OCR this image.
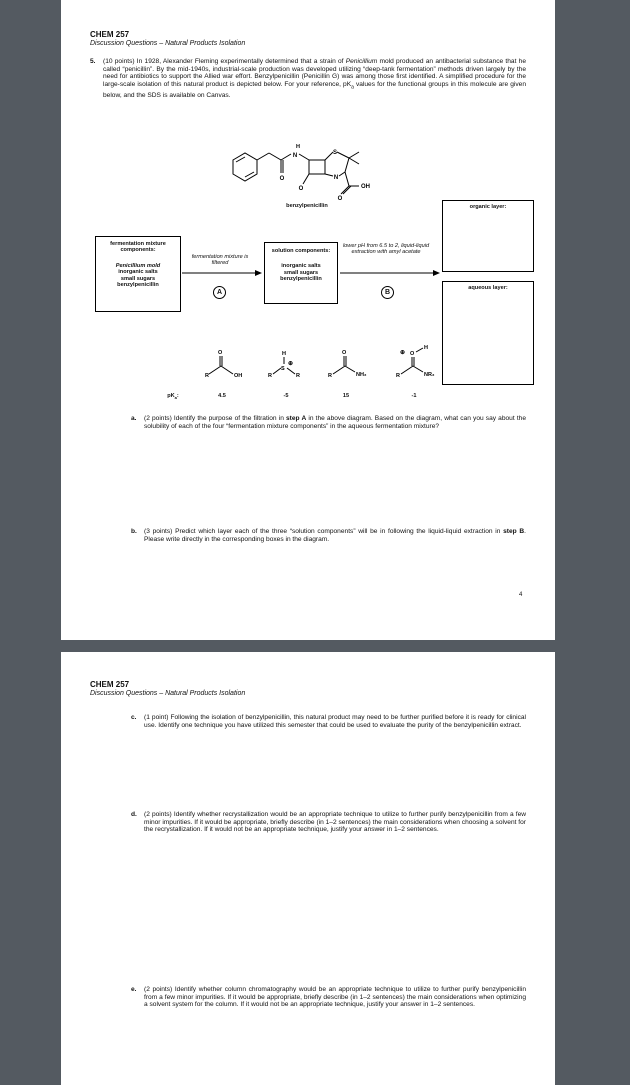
CHEM 257
Discussion Questions – Natural Products Isolation
5. (10 points) In 1928, Alexander Fleming experimentally determined that a strain of Penicillium mold produced an antibacterial substance that he called “penicillin”. By the mid-1940s, industrial-scale production was developed utilizing “deep-tank fermentation” methods driven largely by the need for antibiotics to support the Allied war effort. Benzylpenicillin (Penicillin G) was among those first identified. A simplified procedure for the large-scale isolation of this natural product is depicted below. For your reference, $pK_a$ values for the functional groups in this molecule are given below, and the SDS is available on Canvas.
H
N
O
S
N
O	OH
O
benzylpenicillin
fermentation mixture components:
Penicillium mold
inorganic salts
small sugars
benzylpenicillin
fermentation mixture is filtered
A
solution components:
inorganic salts
small sugars
benzylpenicillin
lower pH from 6.5 to 2, liquid-liquid extraction with amyl acetate
B
organic layer:
aqueous layer:
R
O
OH	R
S
R
H
⊕
R
O
NH₂	R
O
H
NR₂
⊕
$pK_a$:	4.5	-5	15	-1
a. (2 points) Identify the purpose of the filtration in step A in the above diagram. Based on the diagram, what can you say about the solubility of each of the four “fermentation mixture components” in the aqueous fermentation mixture?
b. (3 points) Predict which layer each of the three “solution components” will be in following the liquid-liquid extraction in step B. Please write directly in the corresponding boxes in the diagram.
4
CHEM 257
Discussion Questions – Natural Products Isolation
c. (1 point) Following the isolation of benzylpenicillin, this natural product may need to be further purified before it is ready for clinical use. Identify one technique you have utilized this semester that could be used to evaluate the purity of the benzylpenicillin extract.
d. (2 points) Identify whether recrystallization would be an appropriate technique to utilize to further purify benzylpenicillin from a few minor impurities. If it would be appropriate, briefly describe (in 1–2 sentences) the main considerations when choosing a solvent for the recrystallization. If it would not be an appropriate technique, justify your answer in 1–2 sentences.
e. (2 points) Identify whether column chromatography would be an appropriate technique to utilize to further purify benzylpenicillin from a few minor impurities. If it would be appropriate, briefly describe (in 1–2 sentences) the main considerations when optimizing a solvent system for the column. If it would not be an appropriate technique, justify your answer in 1–2 sentences.
